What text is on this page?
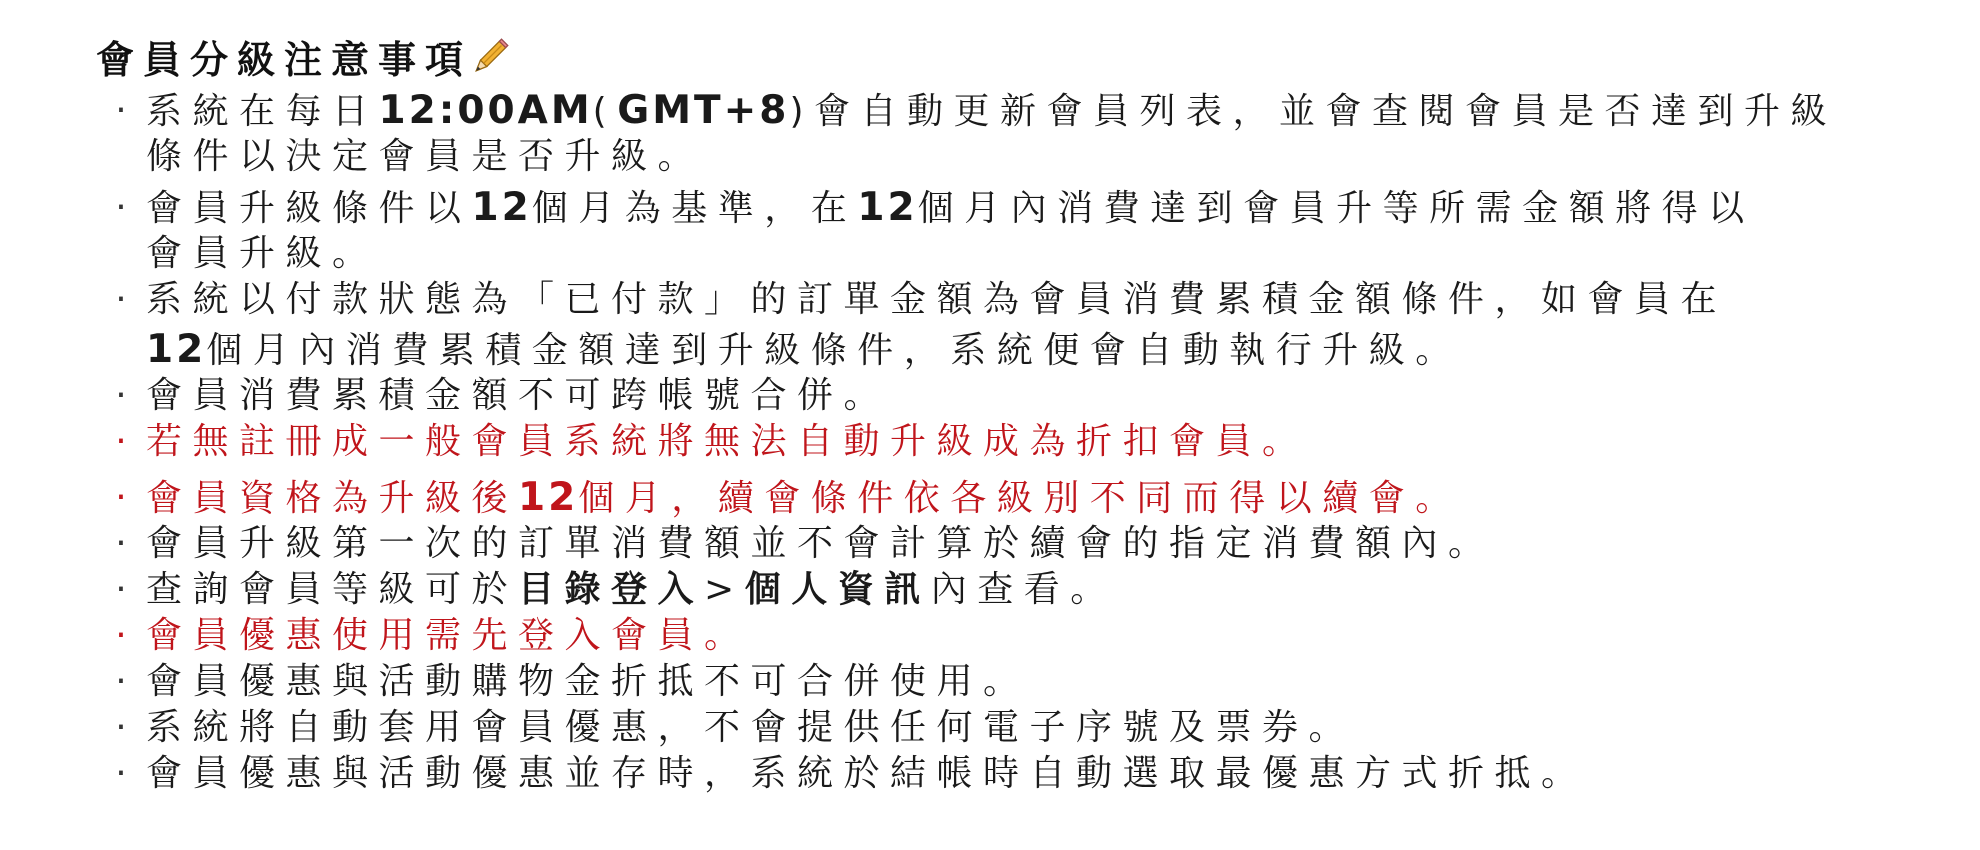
會員分級注意事項
· 系統在每日12:00AM(GMT+8)會自動更新會員列表，並會查閱會員是否達到升級
條件以決定會員是否升級。
· 會員升級條件以12個月為基準，在12個月內消費達到會員升等所需金額將得以
會員升級。
· 系統以付款狀態為「已付款」的訂單金額為會員消費累積金額條件，如會員在
12個月內消費累積金額達到升級條件，系統便會自動執行升級。
· 會員消費累積金額不可跨帳號合併。
· 若無註冊成一般會員系統將無法自動升級成為折扣會員。
· 會員資格為升級後12個月，續會條件依各級別不同而得以續會。
· 會員升級第一次的訂單消費額並不會計算於續會的指定消費額內。
· 查詢會員等級可於目錄登入>個人資訊內查看。
· 會員優惠使用需先登入會員。
· 會員優惠與活動購物金折抵不可合併使用。
· 系統將自動套用會員優惠，不會提供任何電子序號及票券。
· 會員優惠與活動優惠並存時，系統於結帳時自動選取最優惠方式折抵。
